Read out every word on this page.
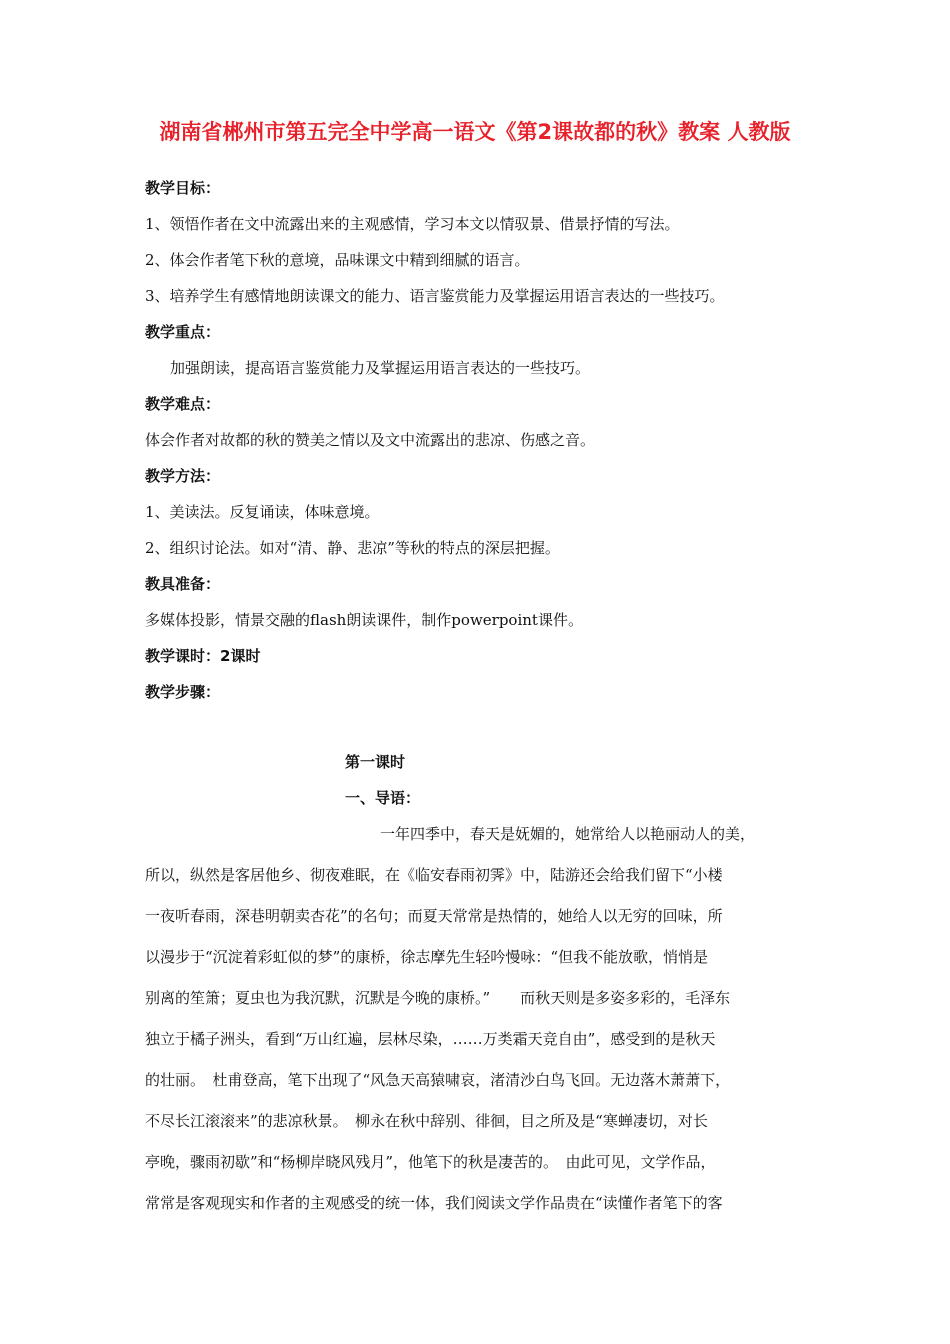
湖南省郴州市第五完全中学高一语文《第2课故都的秋》教案 人教版
教学目标：
1、领悟作者在文中流露出来的主观感情，学习本文以情驭景、借景抒情的写法。
2、体会作者笔下秋的意境，品味课文中精到细腻的语言。
3、培养学生有感情地朗读课文的能力、语言鉴赏能力及掌握运用语言表达的一些技巧。
教学重点：
加强朗读，提高语言鉴赏能力及掌握运用语言表达的一些技巧。
教学难点：
体会作者对故都的秋的赞美之情以及文中流露出的悲凉、伤感之音。
教学方法：
1、美读法。反复诵读，体味意境。
2、组织讨论法。如对“清、静、悲凉”等秋的特点的深层把握。
教具准备：
多媒体投影，情景交融的flash朗读课件，制作powerpoint课件。
教学课时：2课时
教学步骤：
第一课时
一、导语：
一年四季中，春天是妩媚的，她常给人以艳丽动人的美，
所以，纵然是客居他乡、彻夜难眠，在《临安春雨初霁》中，陆游还会给我们留下“小楼
一夜听春雨，深巷明朝卖杏花”的名句；而夏天常常是热情的，她给人以无穷的回味，所
以漫步于“沉淀着彩虹似的梦”的康桥，徐志摩先生轻吟慢咏：“但我不能放歌，悄悄是
别离的笙箫；夏虫也为我沉默，沉默是今晚的康桥。”　　而秋天则是多姿多彩的，毛泽东
独立于橘子洲头，看到“万山红遍，层林尽染，……万类霜天竞自由”，感受到的是秋天
的壮丽。　杜甫登高，笔下出现了“风急天高猿啸哀，渚清沙白鸟飞回。无边落木萧萧下，
不尽长江滚滚来”的悲凉秋景。　柳永在秋中辞别、徘徊，目之所及是“寒蝉凄切，对长
亭晚，骤雨初歇”和“杨柳岸晓风残月”，他笔下的秋是凄苦的。　由此可见，文学作品，
常常是客观现实和作者的主观感受的统一体，我们阅读文学作品贵在“读懂作者笔下的客
